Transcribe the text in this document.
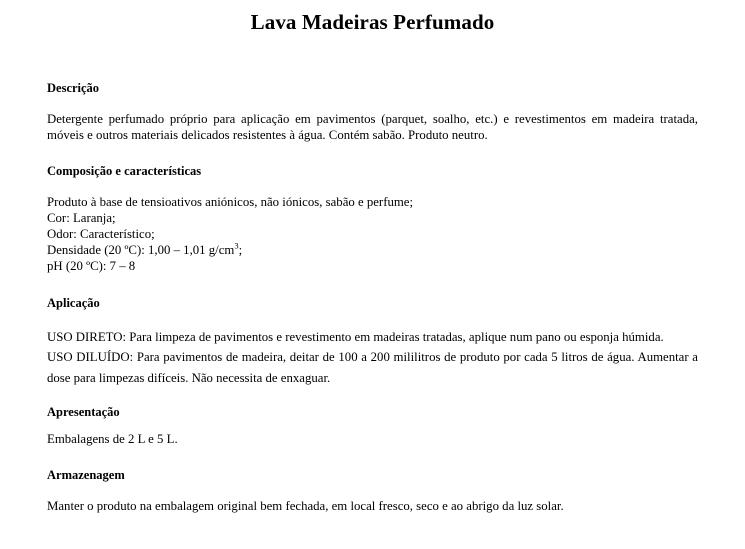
Lava Madeiras Perfumado
Descrição

Detergente perfumado próprio para aplicação em pavimentos (parquet, soalho, etc.) e revestimentos em madeira tratada, móveis e outros materiais delicados resistentes à água. Contém sabão. Produto neutro.

Composição e características
Produto à base de tensioativos aniónicos, não iónicos, sabão e perfume;
Cor: Laranja;
Odor: Característico;
Densidade (20 ºC): 1,00 – 1,01 $g/cm^3$;
pH (20 ºC): 7 – 8
Aplicação

USO DIRETO: Para limpeza de pavimentos e revestimento em madeiras tratadas, aplique num pano ou esponja húmida.

USO DILUÍDO: Para pavimentos de madeira, deitar de 100 a 200 mililitros de produto por cada 5 litros de água. Aumentar a dose para limpezas difíceis. Não necessita de enxaguar.

Apresentação

Embalagens de 2 L e 5 L.

Armazenagem

Manter o produto na embalagem original bem fechada, em local fresco, seco e ao abrigo da luz solar.
